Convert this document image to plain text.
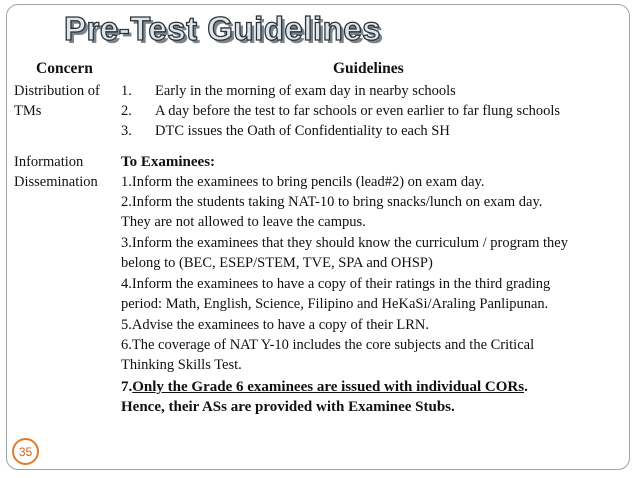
Pre-Test Guidelines
Concern	Guidelines
Distribution of
TMs
1. Early in the morning of exam day in nearby schools
2. A day before the test to far schools or even earlier to far flung schools
3. DTC issues the Oath of Confidentiality to each SH
Information
Dissemination
To Examinees:
1.Inform the examinees to bring pencils (lead#2) on exam day.
2.Inform the students taking NAT-10 to bring snacks/lunch on exam day.
They are not allowed to leave the campus.
3.Inform the examinees that they should know the curriculum / program they
belong to (BEC, ESEP/STEM, TVE, SPA and OHSP)
4.Inform the examinees to have a copy of their ratings in the third grading
period: Math, English, Science, Filipino and HeKaSi/Araling Panlipunan.
5.Advise the examinees to have a copy of their LRN.
6.The coverage of NAT Y-10 includes the core subjects and the Critical
Thinking Skills Test.
7.Only the Grade 6 examinees are issued with individual CORs.
Hence, their ASs are provided with Examinee Stubs.
35
